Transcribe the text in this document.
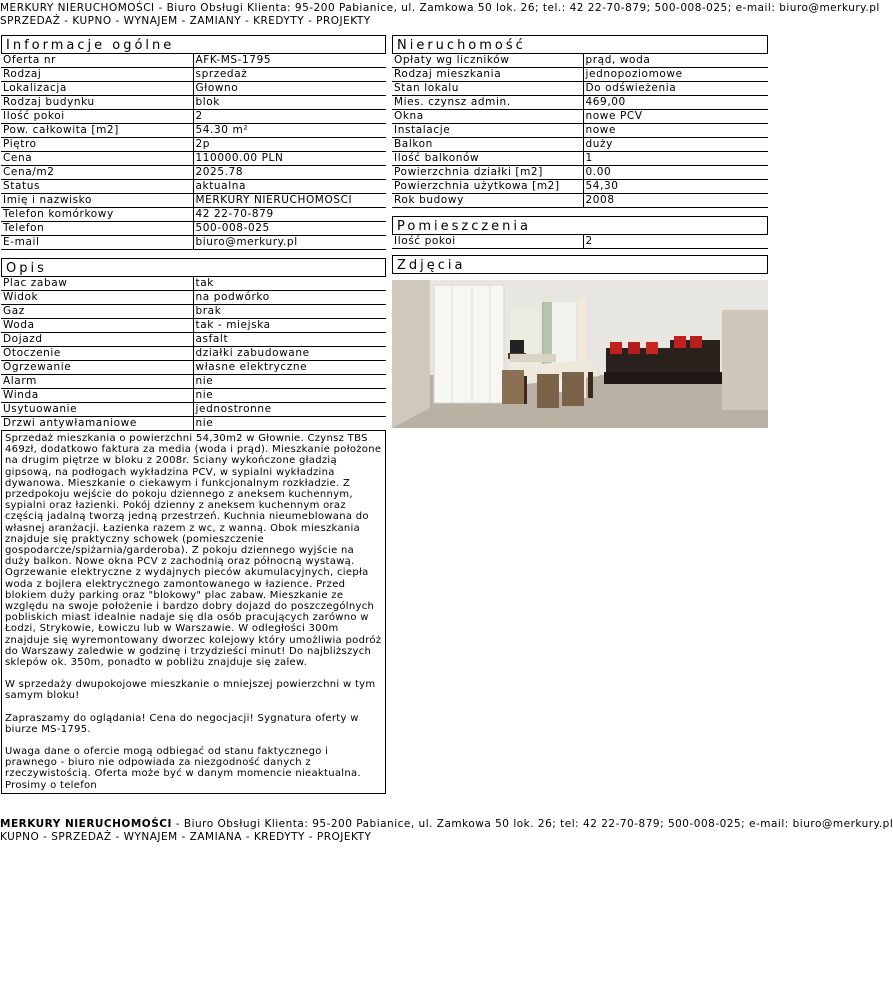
MERKURY NIERUCHOMOŚCI - Biuro Obsługi Klienta: 95-200 Pabianice, ul. Zamkowa 50 lok. 26; tel.: 42 22-70-879; 500-008-025; e-mail: biuro@merkury.pl
SPRZEDAŻ - KUPNO - WYNAJEM - ZAMIANY - KREDYTY - PROJEKTY
Informacje ogólne
Oferta nr	AFK-MS-1795
Rodzaj	sprzedaż
Lokalizacja	Głowno
Rodzaj budynku	blok
Ilość pokoi	2
Pow. całkowita [m2]	54.30 m²
Piętro	2p
Cena	110000.00 PLN
Cena/m2	2025.78
Status	aktualna
Imię i nazwisko	MERKURY NIERUCHOMOŚCI
Telefon komórkowy	42 22-70-879
Telefon	500-008-025
E-mail	biuro@merkury.pl
Opis
Plac zabaw	tak
Widok	na podwórko
Gaz	brak
Woda	tak - miejska
Dojazd	asfalt
Otoczenie	działki zabudowane
Ogrzewanie	własne elektryczne
Alarm	nie
Winda	nie
Usytuowanie	jednostronne
Drzwi antywłamaniowe	nie

Sprzedaż mieszkania o powierzchni 54,30m2 w Głownie. Czynsz TBS 469zł, dodatkowo faktura za media (woda i prąd). Mieszkanie położone na drugim piętrze w bloku z 2008r. Ściany wykończone gładzią gipsową, na podłogach wykładzina PCV, w sypialni wykładzina dywanowa. Mieszkanie o ciekawym i funkcjonalnym rozkładzie. Z przedpokoju wejście do pokoju dziennego z aneksem kuchennym, sypialni oraz łazienki. Pokój dzienny z aneksem kuchennym oraz częścią jadalną tworzą jedną przestrzeń. Kuchnia nieumeblowana do własnej aranżacji. Łazienka razem z wc, z wanną. Obok mieszkania znajduje się praktyczny schowek (pomieszczenie gospodarcze/spiżarnia/garderoba). Z pokoju dziennego wyjście na duży balkon. Nowe okna PCV z zachodnią oraz północną wystawą. Ogrzewanie elektryczne z wydajnych pieców akumulacyjnych, ciepła woda z bojlera elektrycznego zamontowanego w łazience. Przed blokiem duży parking oraz "blokowy" plac zabaw. Mieszkanie ze względu na swoje położenie i bardzo dobry dojazd do poszczególnych pobliskich miast idealnie nadaje się dla osób pracujących zarówno w Łodzi, Strykowie, Łowiczu lub w Warszawie. W odległości 300m znajduje się wyremontowany dworzec kolejowy który umożliwia podróż do Warszawy zaledwie w godzinę i trzydzieści minut! Do najbliższych sklepów ok. 350m, ponadto w pobliżu znajduje się zalew.

W sprzedaży dwupokojowe mieszkanie o mniejszej powierzchni w tym samym bloku!

Zapraszamy do oglądania! Cena do negocjacji! Sygnatura oferty w biurze MS-1795.

Uwaga dane o ofercie mogą odbiegać od stanu faktycznego i prawnego - biuro nie odpowiada za niezgodność danych z rzeczywistością. Oferta może być w danym momencie nieaktualna. Prosimy o telefon

Nieruchomość
Opłaty wg liczników	prąd, woda
Rodzaj mieszkania	jednopoziomowe
Stan lokalu	Do odświeżenia
Mies. czynsz admin.	469,00
Okna	nowe PCV
Instalacje	nowe
Balkon	duży
Ilość balkonów	1
Powierzchnia działki [m2]	0.00
Powierzchnia użytkowa [m2]	54,30
Rok budowy	2008
Pomieszczenia
Ilość pokoi	2
Zdjęcia
MERKURY NIERUCHOMOŚCI - Biuro Obsługi Klienta: 95-200 Pabianice, ul. Zamkowa 50 lok. 26; tel: 42 22-70-879; 500-008-025; e-mail: biuro@merkury.pl
KUPNO - SPRZEDAŻ - WYNAJEM - ZAMIANA - KREDYTY - PROJEKTY
